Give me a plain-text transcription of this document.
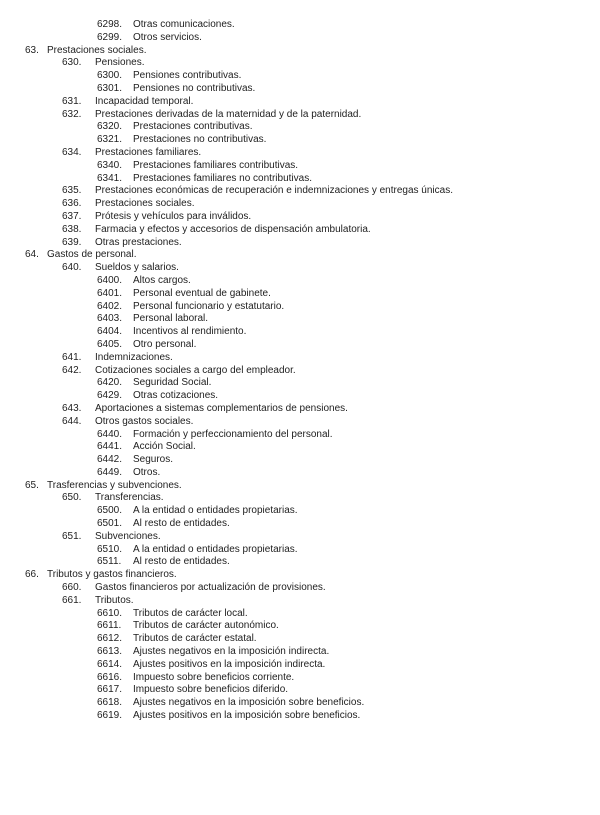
6298.	Otras comunicaciones.
6299.	Otros servicios.
63. Prestaciones sociales.
630.	Pensiones.
6300.	Pensiones contributivas.
6301.	Pensiones no contributivas.
631.	Incapacidad temporal.
632.	Prestaciones derivadas de la maternidad y de la paternidad.
6320.	Prestaciones contributivas.
6321.	Prestaciones no contributivas.
634.	Prestaciones familiares.
6340.	Prestaciones familiares contributivas.
6341.	Prestaciones familiares no contributivas.
635.	Prestaciones económicas de recuperación e indemnizaciones y entregas únicas.
636.	Prestaciones sociales.
637.	Prótesis y vehículos para inválidos.
638.	Farmacia y efectos y accesorios de dispensación ambulatoria.
639.	Otras prestaciones.
64. Gastos de personal.
640.	Sueldos y salarios.
6400.	Altos cargos.
6401.	Personal eventual de gabinete.
6402.	Personal funcionario y estatutario.
6403.	Personal laboral.
6404.	Incentivos al rendimiento.
6405.	Otro personal.
641.	Indemnizaciones.
642.	Cotizaciones sociales a cargo del empleador.
6420.	Seguridad Social.
6429.	Otras cotizaciones.
643.	Aportaciones a sistemas complementarios de pensiones.
644.	Otros gastos sociales.
6440.	Formación y perfeccionamiento del personal.
6441.	Acción Social.
6442.	Seguros.
6449.	Otros.
65. Trasferencias y subvenciones.
650.	Transferencias.
6500.	A la entidad o entidades propietarias.
6501.	Al resto de entidades.
651.	Subvenciones.
6510.	A la entidad o entidades propietarias.
6511.	Al resto de entidades.
66. Tributos y gastos financieros.
660.	Gastos financieros por actualización de provisiones.
661.	Tributos.
6610.	Tributos de carácter local.
6611.	Tributos de carácter autonómico.
6612.	Tributos de carácter estatal.
6613.	Ajustes negativos en la imposición indirecta.
6614.	Ajustes positivos en la imposición indirecta.
6616.	Impuesto sobre beneficios corriente.
6617.	Impuesto sobre beneficios diferido.
6618.	Ajustes negativos en la imposición sobre beneficios.
6619.	Ajustes positivos en la imposición sobre beneficios.
